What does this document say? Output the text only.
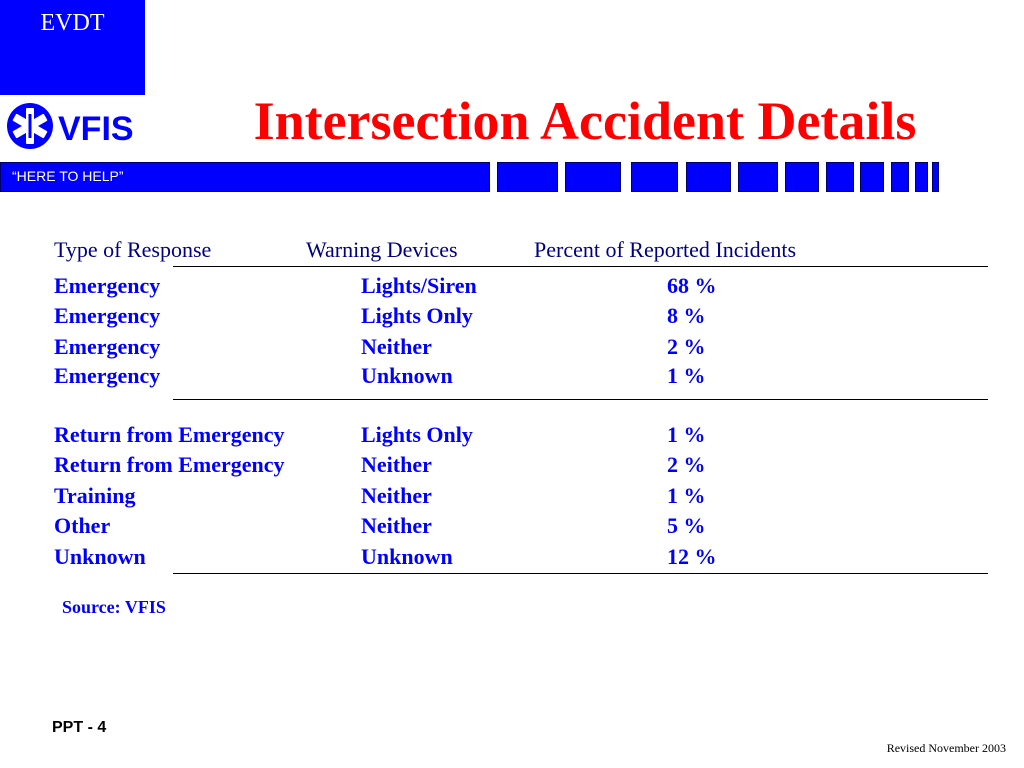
EVDT
VFIS	Intersection Accident Details
“HERE TO HELP”
Type of Response	Warning Devices	Percent of Reported Incidents
Emergency	Lights/Siren	68 %
Emergency	Lights Only	8 %
Emergency	Neither	2 %
Emergency	Unknown	1 %
Return from Emergency	Lights Only	1 %
Return from Emergency	Neither	2 %
Training	Neither	1 %
Other	Neither	5 %
Unknown	Unknown	12 %
Source: VFIS
PPT - 4
Revised November 2003
